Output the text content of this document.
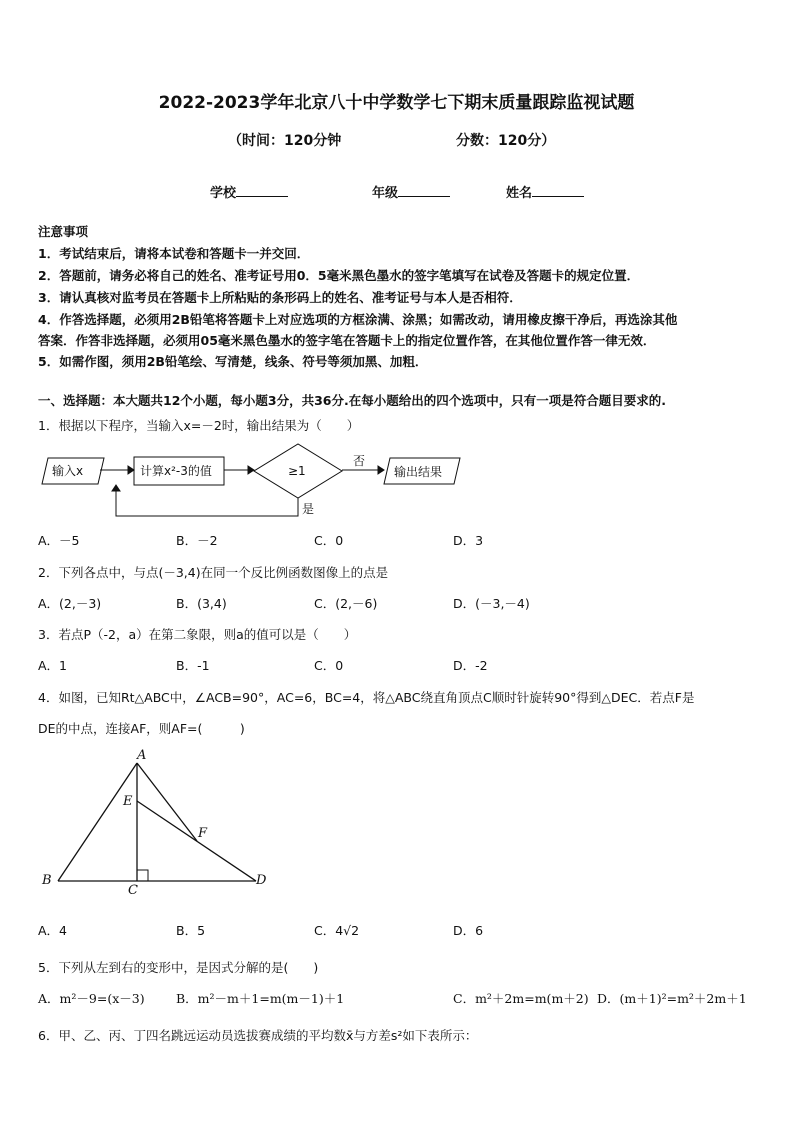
2022-2023学年北京八十中学数学七下期末质量跟踪监视试题
（时间：120分钟	分数：120分）
学校	年级	姓名
注意事项
1．考试结束后，请将本试卷和答题卡一并交回．
2．答题前，请务必将自己的姓名、准考证号用0．5毫米黑色墨水的签字笔填写在试卷及答题卡的规定位置．
3．请认真核对监考员在答题卡上所粘贴的条形码上的姓名、准考证号与本人是否相符．
4．作答选择题，必须用2B铅笔将答题卡上对应选项的方框涂满、涂黑；如需改动，请用橡皮擦干净后，再选涂其他
答案．作答非选择题，必须用05毫米黑色墨水的签字笔在答题卡上的指定位置作答，在其他位置作答一律无效．
5．如需作图，须用2B铅笔绘、写清楚，线条、符号等须加黑、加粗．
一、选择题：本大题共12个小题，每小题3分，共36分.在每小题给出的四个选项中，只有一项是符合题目要求的.
1．根据以下程序，当输入x=－2时，输出结果为（　　）
输入x	计算x²-3的值	≥1
否
是
输出结果
A．－5	B．－2	C．0	D．3
2．下列各点中，与点(－3,4)在同一个反比例函数图像上的点是
A．(2,－3)	B．(3,4)	C．(2,－6)	D．(－3,－4)
3．若点P（-2，a）在第二象限，则a的值可以是（　　）
A．1	B．-1	C．0	D．-2
4．如图，已知Rt△ABC中，∠ACB=90°，AC=6，BC=4，将△ABC绕直角顶点C顺时针旋转90°得到△DEC．若点F是
DE的中点，连接AF，则AF=(　　　)
A
E
F
B
C
D
A．4	B．5	C．4√2	D．6
5．下列从左到右的变形中，是因式分解的是(　　)
A．m²－9=(x－3)	B．m²－m＋1=m(m－1)＋1	C．m²＋2m=m(m＋2) D．(m＋1)²=m²＋2m＋1
6．甲、乙、丙、丁四名跳远运动员选拔赛成绩的平均数x̄与方差s²如下表所示：
